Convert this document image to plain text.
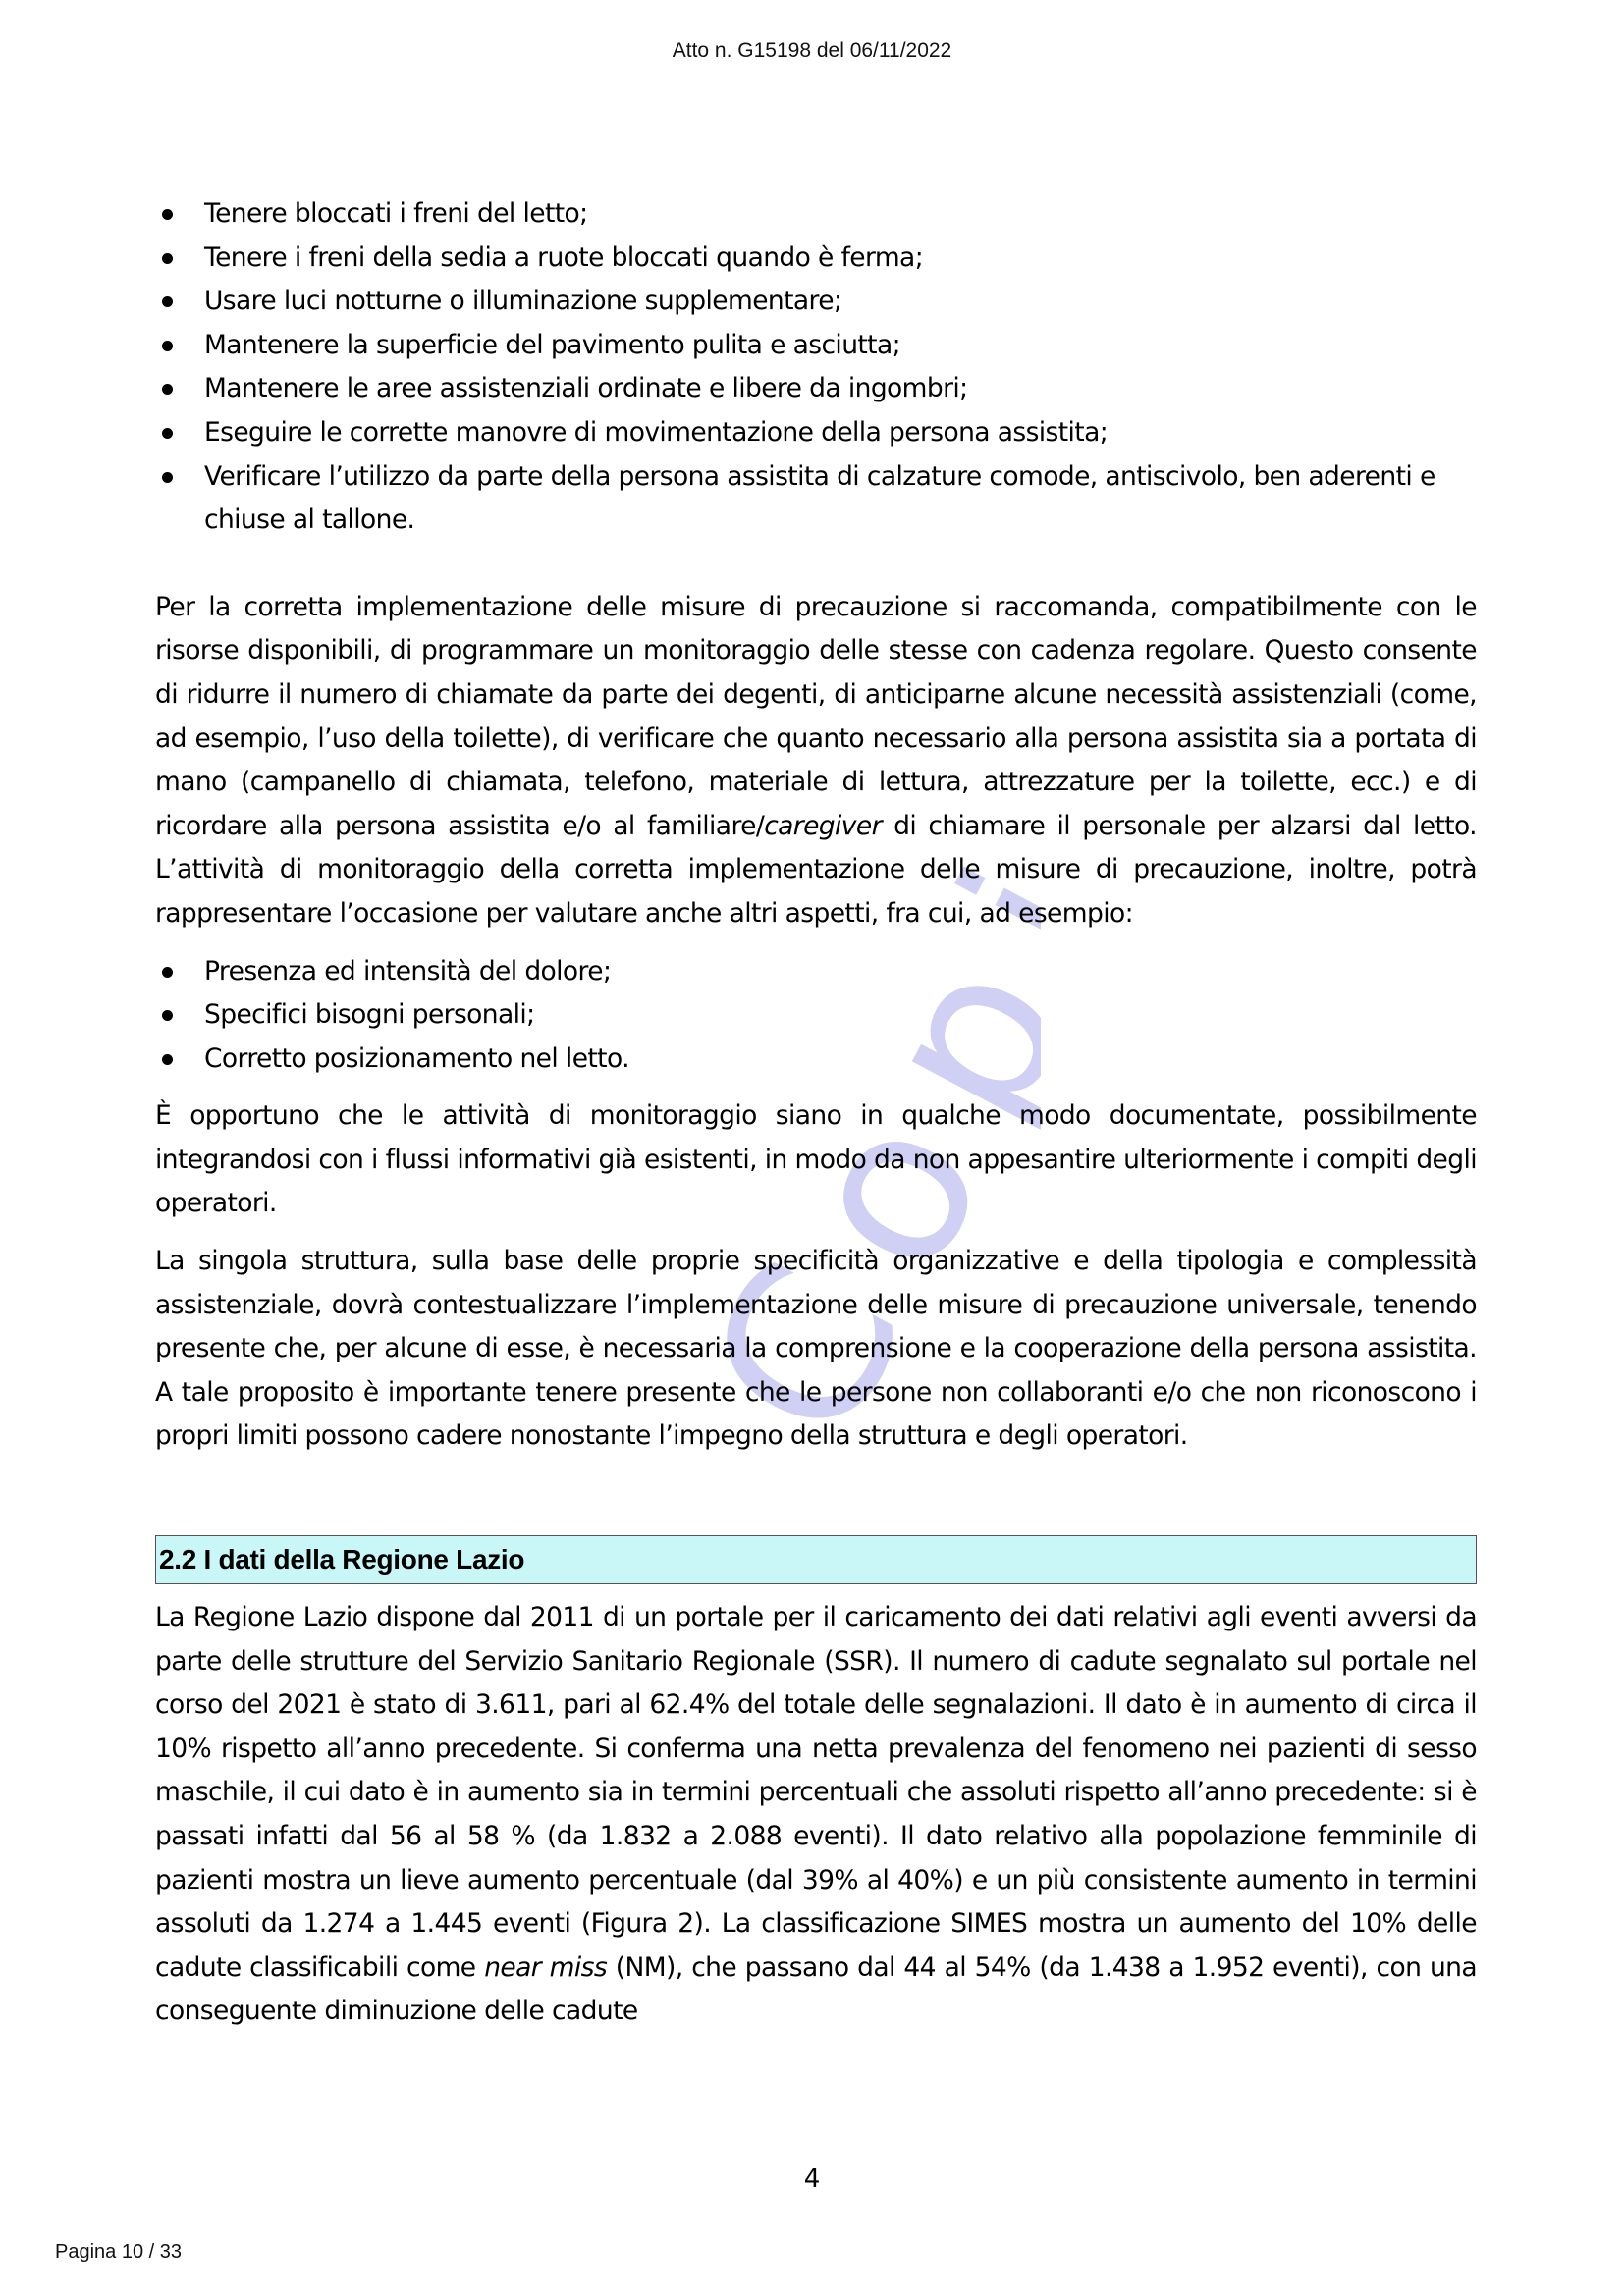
Atto n. G15198 del 06/11/2022
Copia
Tenere bloccati i freni del letto;
Tenere i freni della sedia a ruote bloccati quando è ferma;
Usare luci notturne o illuminazione supplementare;
Mantenere la superficie del pavimento pulita e asciutta;
Mantenere le aree assistenziali ordinate e libere da ingombri;
Eseguire le corrette manovre di movimentazione della persona assistita;
Verificare l’utilizzo da parte della persona assistita di calzature comode, antiscivolo, ben aderenti e chiuse al tallone.

Per la corretta implementazione delle misure di precauzione si raccomanda, compatibilmente con le risorse disponibili, di programmare un monitoraggio delle stesse con cadenza regolare. Questo consente di ridurre il numero di chiamate da parte dei degenti, di anticiparne alcune necessità assistenziali (come, ad esempio, l’uso della toilette), di verificare che quanto necessario alla persona assistita sia a portata di mano (campanello di chiamata, telefono, materiale di lettura, attrezzature per la toilette, ecc.) e di ricordare alla persona assistita e/o al familiare/caregiver di chiamare il personale per alzarsi dal letto. L’attività di monitoraggio della corretta implementazione delle misure di precauzione, inoltre, potrà rappresentare l’occasione per valutare anche altri aspetti, fra cui, ad esempio:

Presenza ed intensità del dolore;
Specifici bisogni personali;
Corretto posizionamento nel letto.

È opportuno che le attività di monitoraggio siano in qualche modo documentate, possibilmente integrandosi con i flussi informativi già esistenti, in modo da non appesantire ulteriormente i compiti degli operatori.

La singola struttura, sulla base delle proprie specificità organizzative e della tipologia e complessità assistenziale, dovrà contestualizzare l’implementazione delle misure di precauzione universale, tenendo presente che, per alcune di esse, è necessaria la comprensione e la cooperazione della persona assistita. A tale proposito è importante tenere presente che le persone non collaboranti e/o che non riconoscono i propri limiti possono cadere nonostante l’impegno della struttura e degli operatori.

2.2 I dati della Regione Lazio

La Regione Lazio dispone dal 2011 di un portale per il caricamento dei dati relativi agli eventi avversi da parte delle strutture del Servizio Sanitario Regionale (SSR). Il numero di cadute segnalato sul portale nel corso del 2021 è stato di 3.611, pari al 62.4% del totale delle segnalazioni. Il dato è in aumento di circa il 10% rispetto all’anno precedente. Si conferma una netta prevalenza del fenomeno nei pazienti di sesso maschile, il cui dato è in aumento sia in termini percentuali che assoluti rispetto all’anno precedente: si è passati infatti dal 56 al 58 % (da 1.832 a 2.088 eventi). Il dato relativo alla popolazione femminile di pazienti mostra un lieve aumento percentuale (dal 39% al 40%) e un più consistente aumento in termini assoluti da 1.274 a 1.445 eventi (Figura 2). La classificazione SIMES mostra un aumento del 10% delle cadute classificabili come near miss (NM), che passano dal 44 al 54% (da 1.438 a 1.952 eventi), con una conseguente diminuzione delle cadute

4
Pagina 10 / 33
